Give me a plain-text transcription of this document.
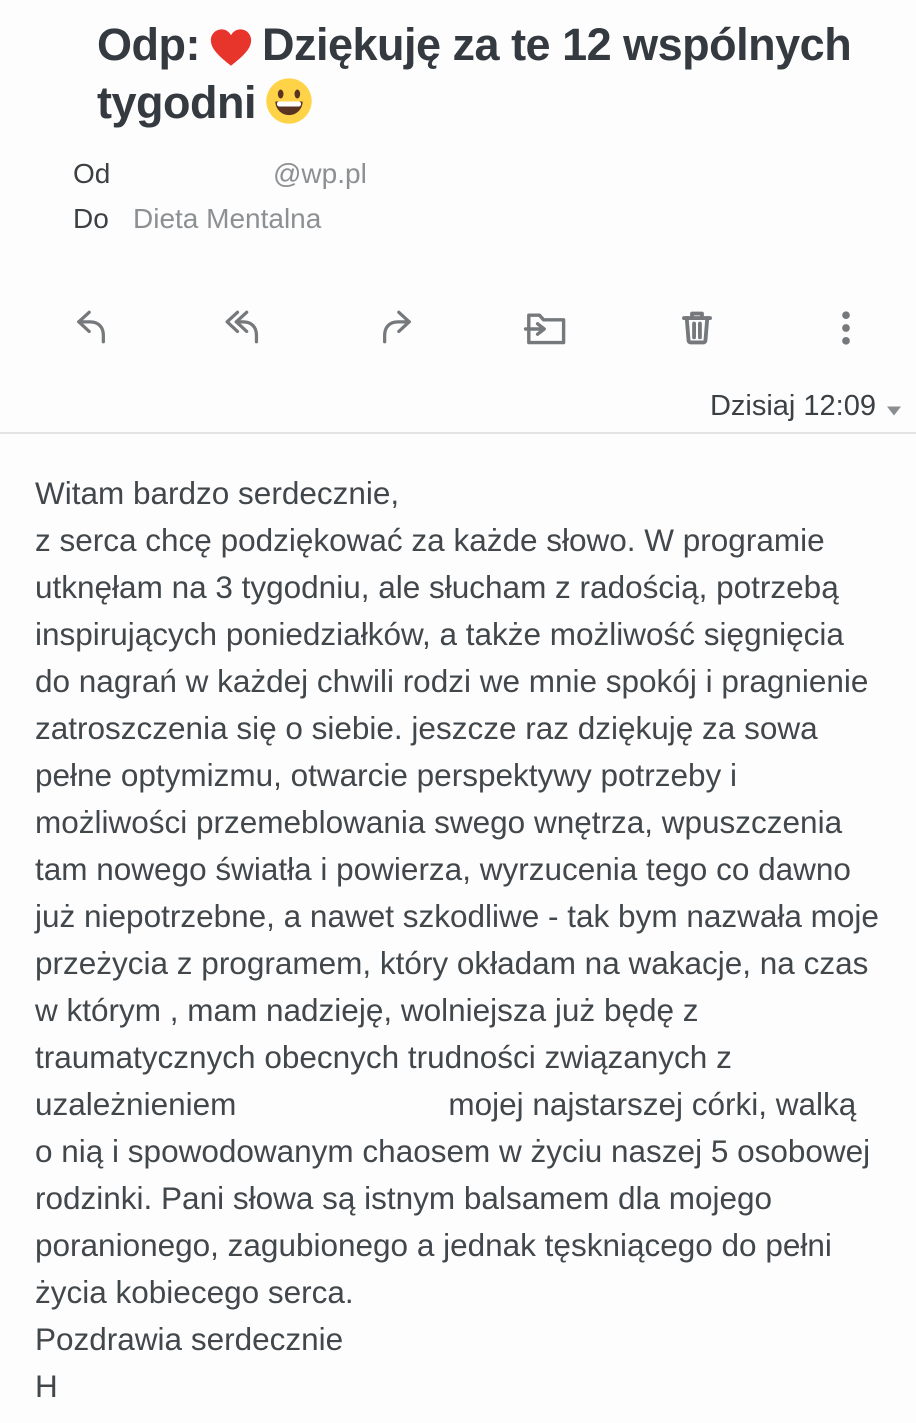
Odp: Dziękuję za te 12 wspólnych tygodni
Od	@wp.pl
Do Dieta Mentalna
Dzisiaj 12:09

Witam bardzo serdecznie,

z serca chcę podziękować za każde słowo. W programie utknęłam na 3 tygodniu, ale słucham z radością, potrzebą inspirujących poniedziałków, a także możliwość sięgnięcia do nagrań w każdej chwili rodzi we mnie spokój i pragnienie zatroszczenia się o siebie. jeszcze raz dziękuję za sowa pełne optymizmu, otwarcie perspektywy potrzeby i możliwości przemeblowania swego wnętrza, wpuszczenia tam nowego światła i powierza, wyrzucenia tego co dawno już niepotrzebne, a nawet szkodliwe - tak bym nazwała moje przeżycia z programem, który okładam na wakacje, na czas w którym , mam nadzieję, wolniejsza już będę z traumatycznych obecnych trudności związanych z uzależnieniem	mojej najstarszej córki, walką o nią i spowodowanym chaosem w życiu naszej 5 osobowej rodzinki. Pani słowa są istnym balsamem dla mojego poranionego, zagubionego a jednak tęskniącego do pełni życia kobiecego serca.

Pozdrawia serdecznie

H
